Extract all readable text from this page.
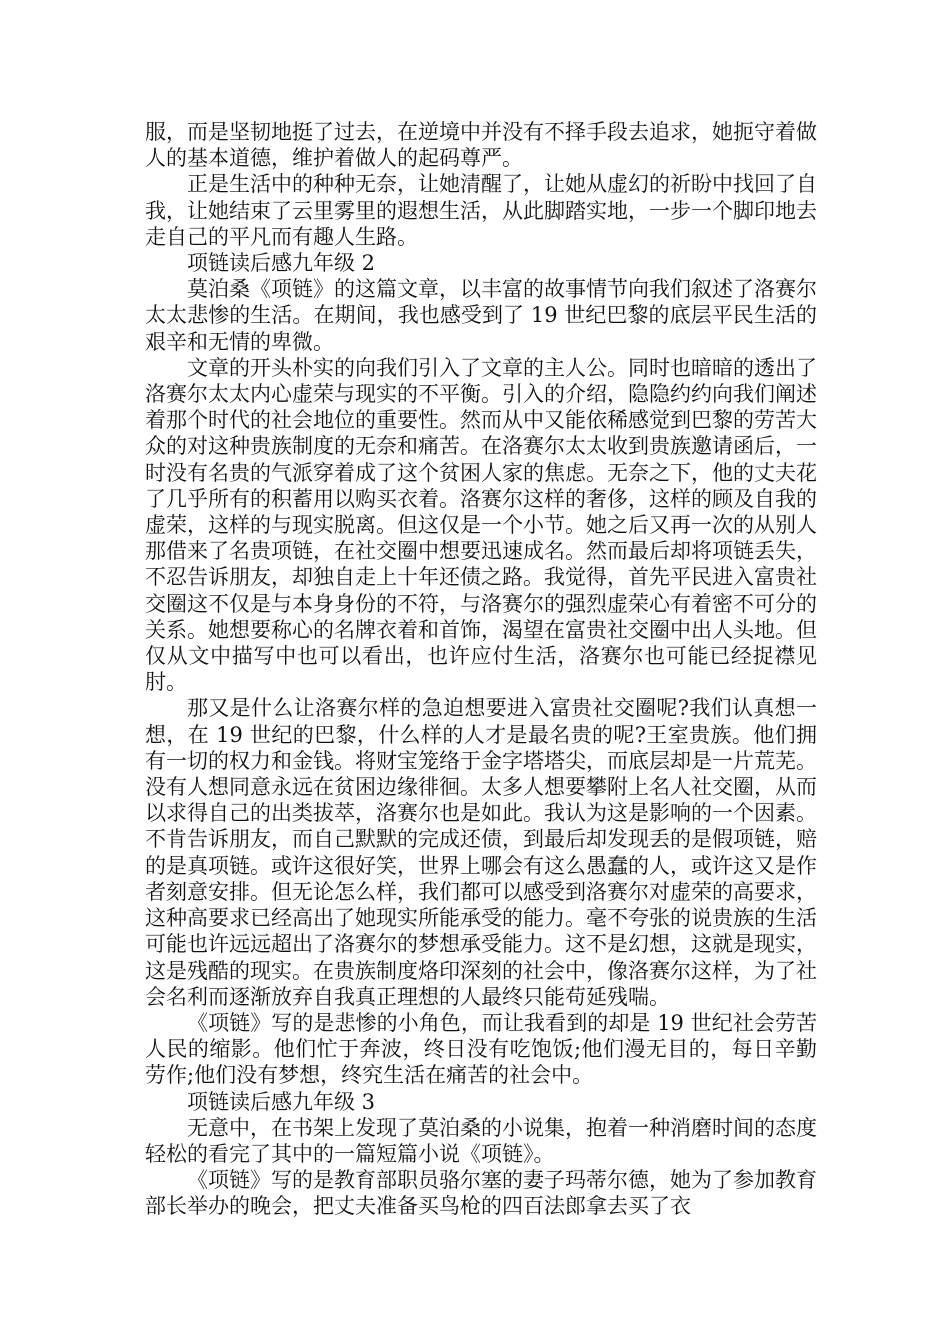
服，而是坚韧地挺了过去，在逆境中并没有不择手段去追求，她扼守着做人的基本道德，维护着做人的起码尊严。

正是生活中的种种无奈，让她清醒了，让她从虚幻的祈盼中找回了自我，让她结束了云里雾里的遐想生活，从此脚踏实地，一步一个脚印地去走自己的平凡而有趣人生路。

项链读后感九年级 2

莫泊桑《项链》的这篇文章，以丰富的故事情节向我们叙述了洛赛尔太太悲惨的生活。在期间，我也感受到了 19 世纪巴黎的底层平民生活的艰辛和无情的卑微。

文章的开头朴实的向我们引入了文章的主人公。同时也暗暗的透出了洛赛尔太太内心虚荣与现实的不平衡。引入的介绍，隐隐约约向我们阐述着那个时代的社会地位的重要性。然而从中又能依稀感觉到巴黎的劳苦大众的对这种贵族制度的无奈和痛苦。在洛赛尔太太收到贵族邀请函后，一时没有名贵的气派穿着成了这个贫困人家的焦虑。无奈之下，他的丈夫花了几乎所有的积蓄用以购买衣着。洛赛尔这样的奢侈，这样的顾及自我的虚荣，这样的与现实脱离。但这仅是一个小节。她之后又再一次的从别人那借来了名贵项链，在社交圈中想要迅速成名。然而最后却将项链丢失，不忍告诉朋友，却独自走上十年还债之路。我觉得，首先平民进入富贵社交圈这不仅是与本身身份的不符，与洛赛尔的强烈虚荣心有着密不可分的关系。她想要称心的名牌衣着和首饰，渴望在富贵社交圈中出人头地。但仅从文中描写中也可以看出，也许应付生活，洛赛尔也可能已经捉襟见肘。

那又是什么让洛赛尔样的急迫想要进入富贵社交圈呢?我们认真想一想，在 19 世纪的巴黎，什么样的人才是最名贵的呢?王室贵族。他们拥有一切的权力和金钱。将财宝笼络于金字塔塔尖，而底层却是一片荒芜。没有人想同意永远在贫困边缘徘徊。太多人想要攀附上名人社交圈，从而以求得自己的出类拔萃，洛赛尔也是如此。我认为这是影响的一个因素。不肯告诉朋友，而自己默默的完成还债，到最后却发现丢的是假项链，赔的是真项链。或许这很好笑，世界上哪会有这么愚蠢的人，或许这又是作者刻意安排。但无论怎么样，我们都可以感受到洛赛尔对虚荣的高要求，这种高要求已经高出了她现实所能承受的能力。毫不夸张的说贵族的生活可能也许远远超出了洛赛尔的梦想承受能力。这不是幻想，这就是现实，这是残酷的现实。在贵族制度烙印深刻的社会中，像洛赛尔这样，为了社会名利而逐渐放弃自我真正理想的人最终只能苟延残喘。

《项链》写的是悲惨的小角色，而让我看到的却是 19 世纪社会劳苦人民的缩影。他们忙于奔波，终日没有吃饱饭;他们漫无目的，每日辛勤劳作;他们没有梦想，终究生活在痛苦的社会中。

项链读后感九年级 3

无意中，在书架上发现了莫泊桑的小说集，抱着一种消磨时间的态度轻松的看完了其中的一篇短篇小说《项链》。

《项链》写的是教育部职员骆尔塞的妻子玛蒂尔德，她为了参加教育部长举办的晚会，把丈夫准备买鸟枪的四百法郎拿去买了衣
